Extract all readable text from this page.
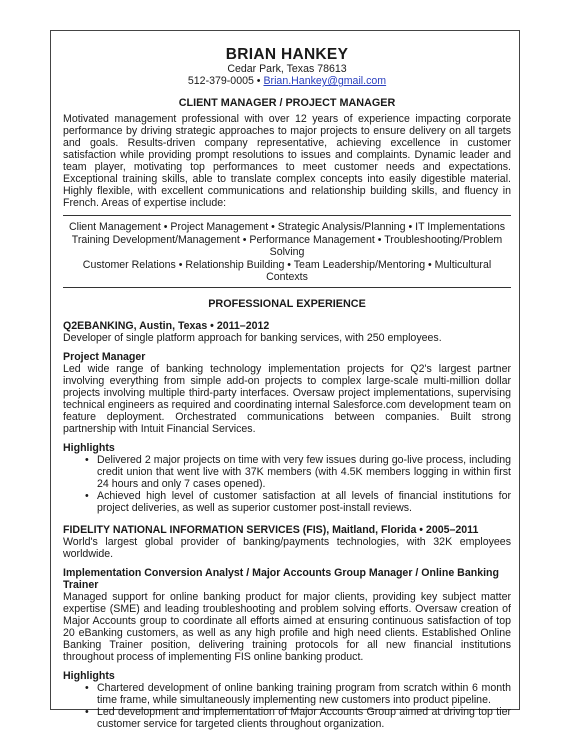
BRIAN HANKEY
Cedar Park, Texas 78613
512-379-0005 • Brian.Hankey@gmail.com
CLIENT MANAGER / PROJECT MANAGER
Motivated management professional with over 12 years of experience impacting corporate performance by driving strategic approaches to major projects to ensure delivery on all targets and goals. Results-driven company representative, achieving excellence in customer satisfaction while providing prompt resolutions to issues and complaints. Dynamic leader and team player, motivating top performances to meet customer needs and expectations. Exceptional training skills, able to translate complex concepts into easily digestible material. Highly flexible, with excellent communications and relationship building skills, and fluency in French. Areas of expertise include:
Client Management • Project Management • Strategic Analysis/Planning • IT Implementations
Training Development/Management • Performance Management • Troubleshooting/Problem Solving
Customer Relations • Relationship Building • Team Leadership/Mentoring • Multicultural Contexts
PROFESSIONAL EXPERIENCE
Q2EBANKING, Austin, Texas • 2011–2012
Developer of single platform approach for banking services, with 250 employees.
Project Manager
Led wide range of banking technology implementation projects for Q2's largest partner involving everything from simple add-on projects to complex large-scale multi-million dollar projects involving multiple third-party interfaces. Oversaw project implementations, supervising technical engineers as required and coordinating internal Salesforce.com development team on feature deployment. Orchestrated communications between companies. Built strong partnership with Intuit Financial Services.
Highlights
• Delivered 2 major projects on time with very few issues during go-live process, including credit union that went live with 37K members (with 4.5K members logging in within first 24 hours and only 7 cases opened).
• Achieved high level of customer satisfaction at all levels of financial institutions for project deliveries, as well as superior customer post-install reviews.
FIDELITY NATIONAL INFORMATION SERVICES (FIS), Maitland, Florida • 2005–2011
World's largest global provider of banking/payments technologies, with 32K employees worldwide.
Implementation Conversion Analyst / Major Accounts Group Manager / Online Banking Trainer
Managed support for online banking product for major clients, providing key subject matter expertise (SME) and leading troubleshooting and problem solving efforts. Oversaw creation of Major Accounts group to coordinate all efforts aimed at ensuring continuous satisfaction of top 20 eBanking customers, as well as any high profile and high need clients. Established Online Banking Trainer position, delivering training protocols for all new financial institutions throughout process of implementing FIS online banking product.
Highlights
• Chartered development of online banking training program from scratch within 6 month time frame, while simultaneously implementing new customers into product pipeline.
• Led development and implementation of Major Accounts Group aimed at driving top tier customer service for targeted clients throughout organization.
